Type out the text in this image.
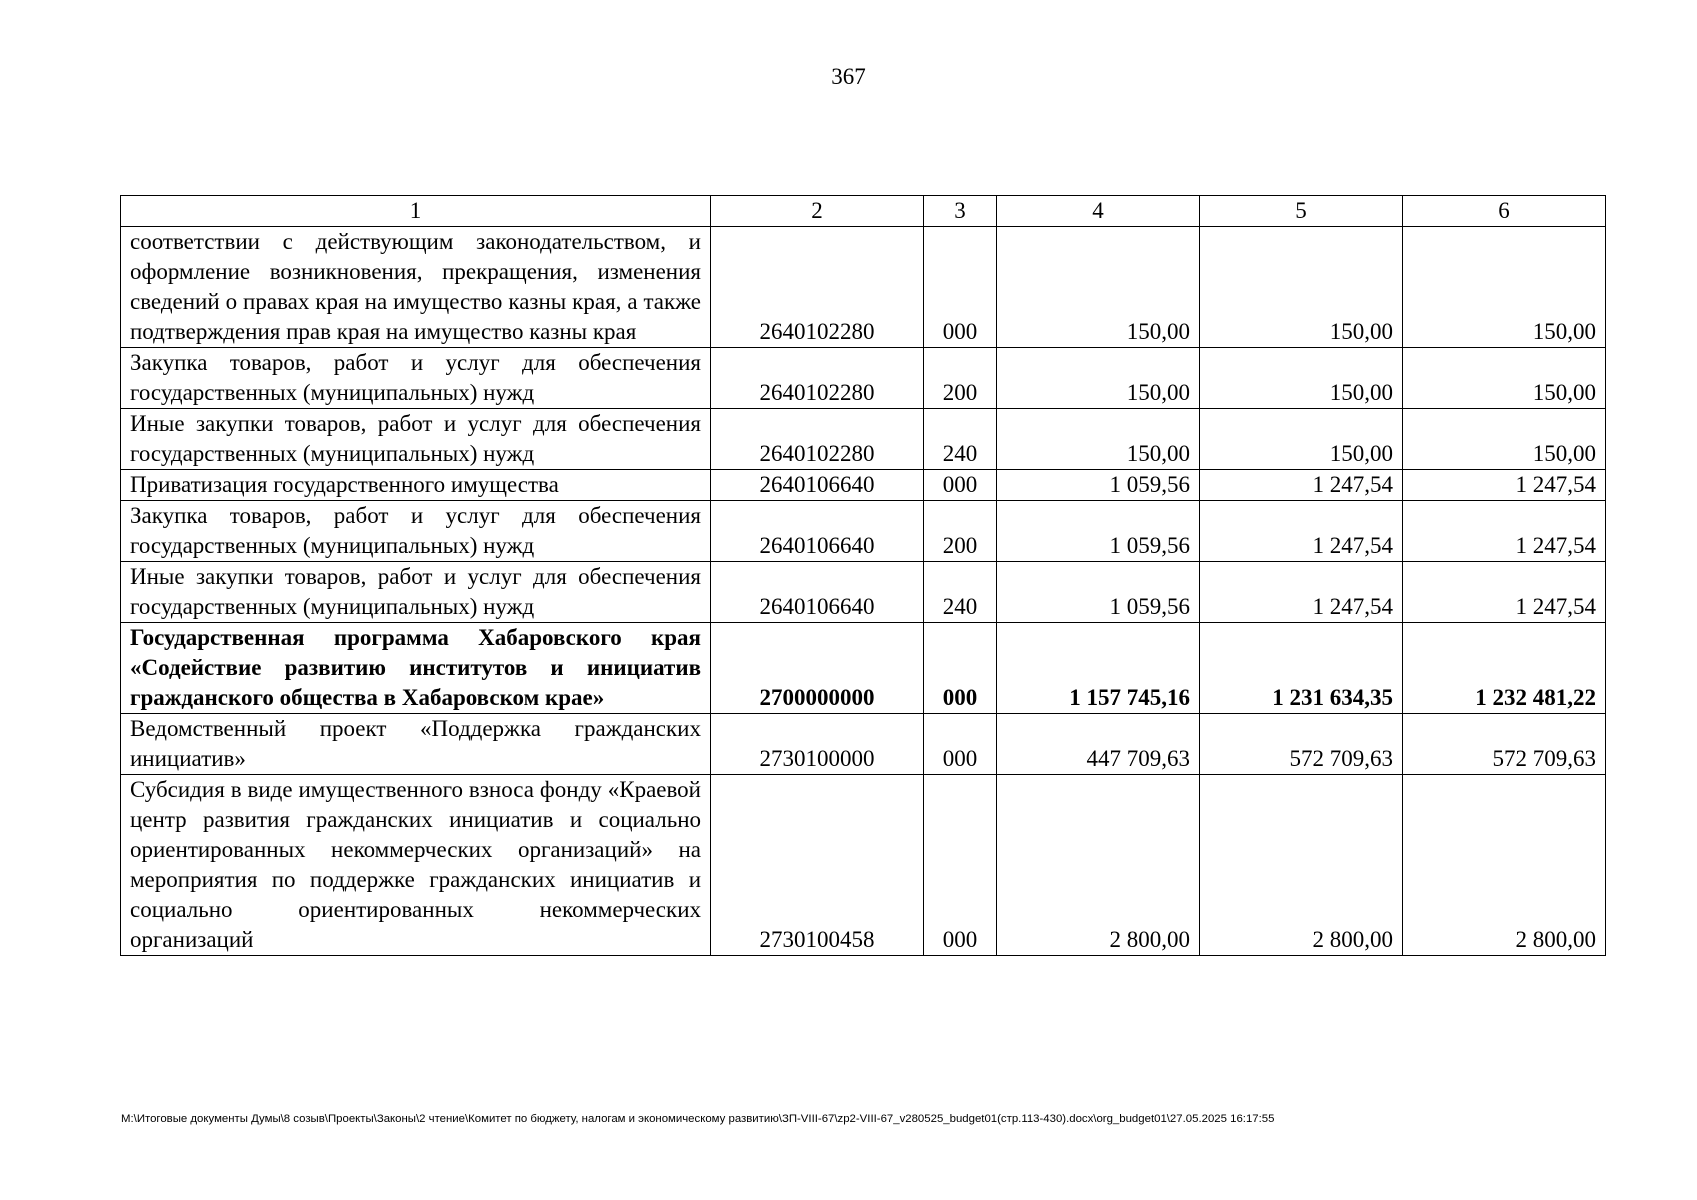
367
1	2	3	4	5	6
соответствии с действующим законодательством, и оформление возникновения, прекращения, изменения сведений о правах края на имущество казны края, а также подтверждения прав края на имущество казны края	2640102280	000	150,00	150,00	150,00
Закупка товаров, работ и услуг для обеспечения государственных (муниципальных) нужд	2640102280	200	150,00	150,00	150,00
Иные закупки товаров, работ и услуг для обеспечения государственных (муниципальных) нужд	2640102280	240	150,00	150,00	150,00
Приватизация государственного имущества	2640106640	000	1 059,56	1 247,54	1 247,54
Закупка товаров, работ и услуг для обеспечения государственных (муниципальных) нужд	2640106640	200	1 059,56	1 247,54	1 247,54
Иные закупки товаров, работ и услуг для обеспечения государственных (муниципальных) нужд	2640106640	240	1 059,56	1 247,54	1 247,54
Государственная программа Хабаровского края «Содействие развитию институтов и инициатив гражданского общества в Хабаровском крае»	2700000000	000	1 157 745,16	1 231 634,35	1 232 481,22
Ведомственный проект «Поддержка гражданских инициатив»	2730100000	000	447 709,63	572 709,63	572 709,63
Субсидия в виде имущественного взноса фонду «Краевой центр развития гражданских инициатив и социально ориентированных некоммерческих организаций» на мероприятия по поддержке гражданских инициатив и социально ориентированных некоммерческих организаций	2730100458	000	2 800,00	2 800,00	2 800,00
М:\Итоговые документы Думы\8 созыв\Проекты\Законы\2 чтение\Комитет по бюджету, налогам и экономическому развитию\ЗП-VIII-67\zp2-VIII-67_v280525_budget01(стр.113-430).docx\org_budget01\27.05.2025 16:17:55
